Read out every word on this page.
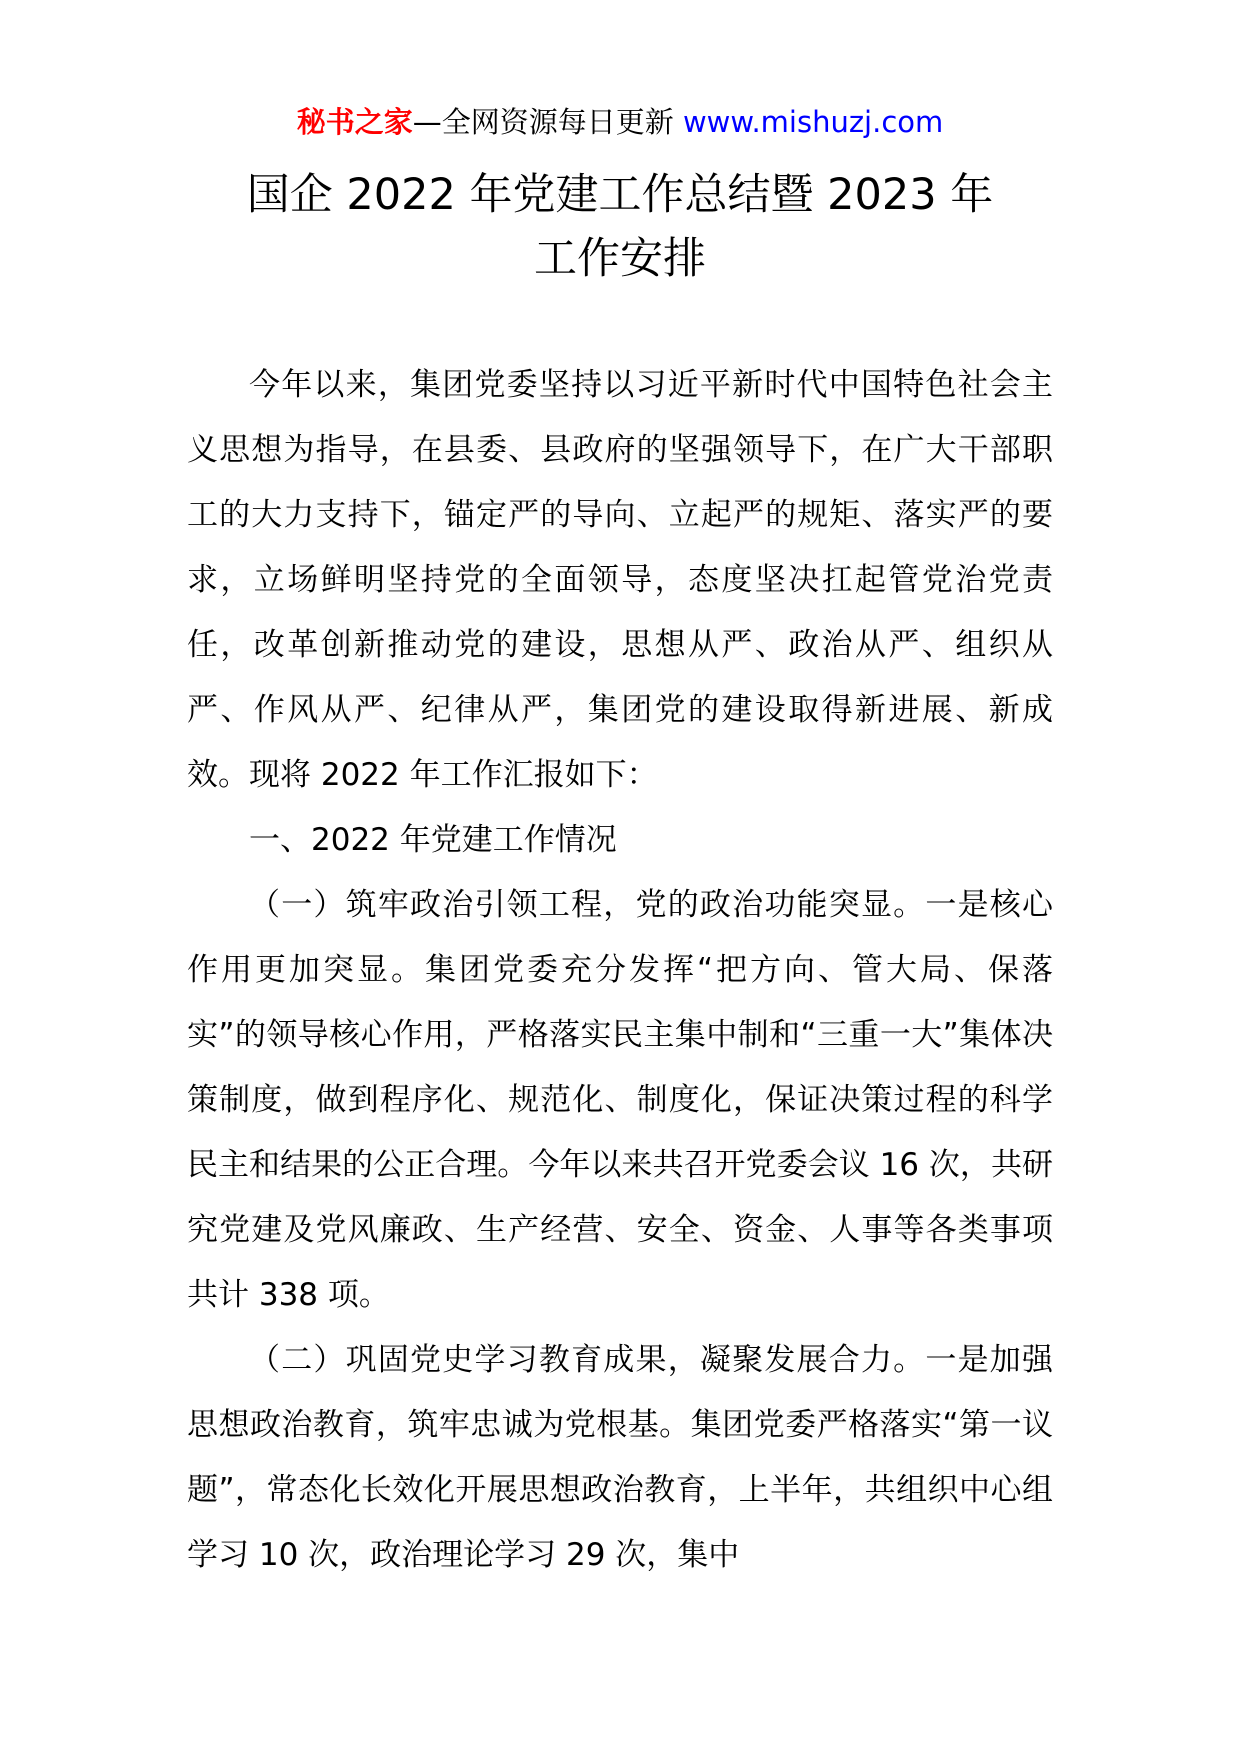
秘书之家—全网资源每日更新 www.mishuzj.com
国企 2022 年党建工作总结暨 2023 年
工作安排

今年以来，集团党委坚持以习近平新时代中国特色社会主义思想为指导，在县委、县政府的坚强领导下，在广大干部职工的大力支持下，锚定严的导向、立起严的规矩、落实严的要求，立场鲜明坚持党的全面领导，态度坚决扛起管党治党责任，改革创新推动党的建设，思想从严、政治从严、组织从严、作风从严、纪律从严，集团党的建设取得新进展、新成效。现将 2022 年工作汇报如下：

一、2022 年党建工作情况

（一）筑牢政治引领工程，党的政治功能突显。一是核心作用更加突显。集团党委充分发挥“把方向、管大局、保落实”的领导核心作用，严格落实民主集中制和“三重一大”集体决策制度，做到程序化、规范化、制度化，保证决策过程的科学民主和结果的公正合理。今年以来共召开党委会议 16 次，共研究党建及党风廉政、生产经营、安全、资金、人事等各类事项共计 338 项。

（二）巩固党史学习教育成果，凝聚发展合力。一是加强思想政治教育，筑牢忠诚为党根基。集团党委严格落实“第一议题”，常态化长效化开展思想政治教育，上半年，共组织中心组学习 10 次，政治理论学习 29 次，集中
